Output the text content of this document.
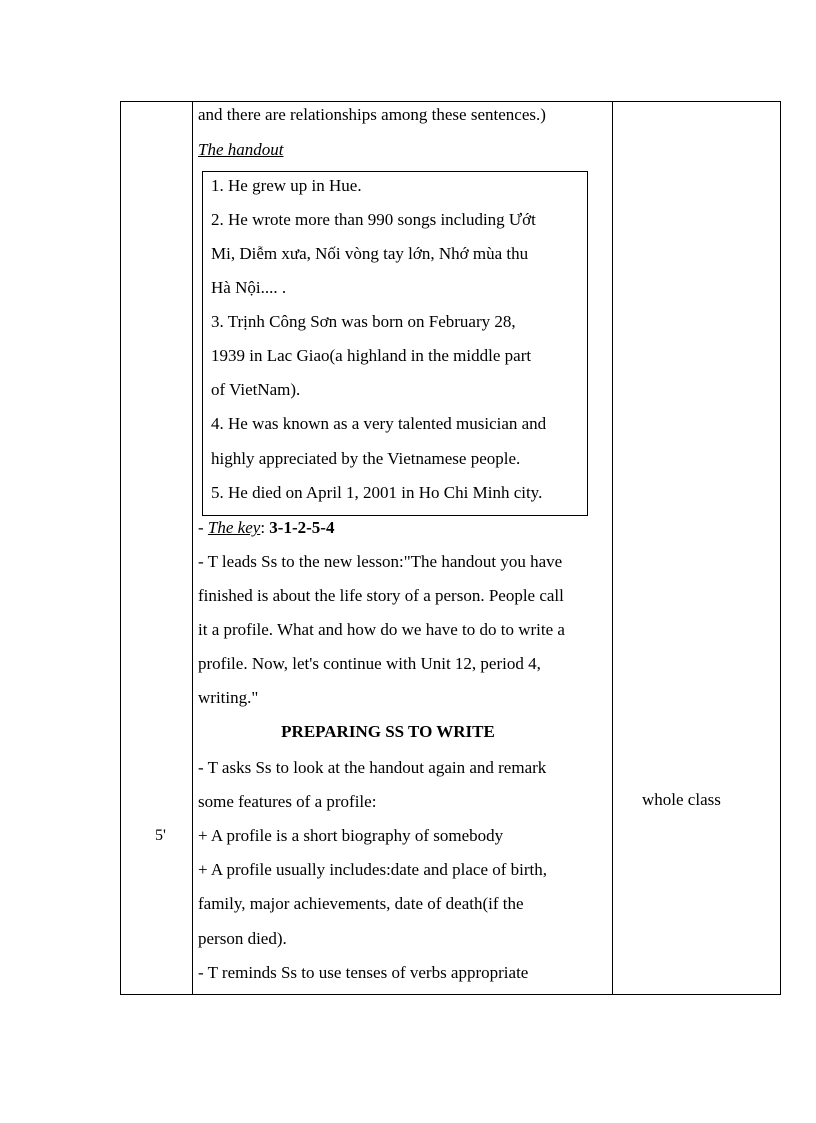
and there are relationships among these sentences.)
The handout
1. He grew up in Hue.
2. He wrote more than 990 songs including Ướt
Mi, Diễm xưa, Nối vòng tay lớn, Nhớ mùa thu
Hà Nội.... .
3. Trịnh Công Sơn was born on February 28,
1939 in Lac Giao(a highland in the middle part
of VietNam).
4. He was known as a very talented musician and
highly appreciated by the Vietnamese people.
5. He died on April 1, 2001 in Ho Chi Minh city.
- The key: 3-1-2-5-4
- T leads Ss to the new lesson:"The handout you have
finished is about the life story of a person. People call
it a profile. What and how do we have to do to write a
profile. Now, let's continue with Unit 12, period 4,
writing."
PREPARING SS TO WRITE
- T asks Ss to look at the handout again and remark
some features of a profile:
+ A profile is a short biography of somebody
+ A profile usually includes:date and place of birth,
family, major achievements, date of death(if the
person died).
- T reminds Ss to use tenses of verbs appropriate
5'
whole class
